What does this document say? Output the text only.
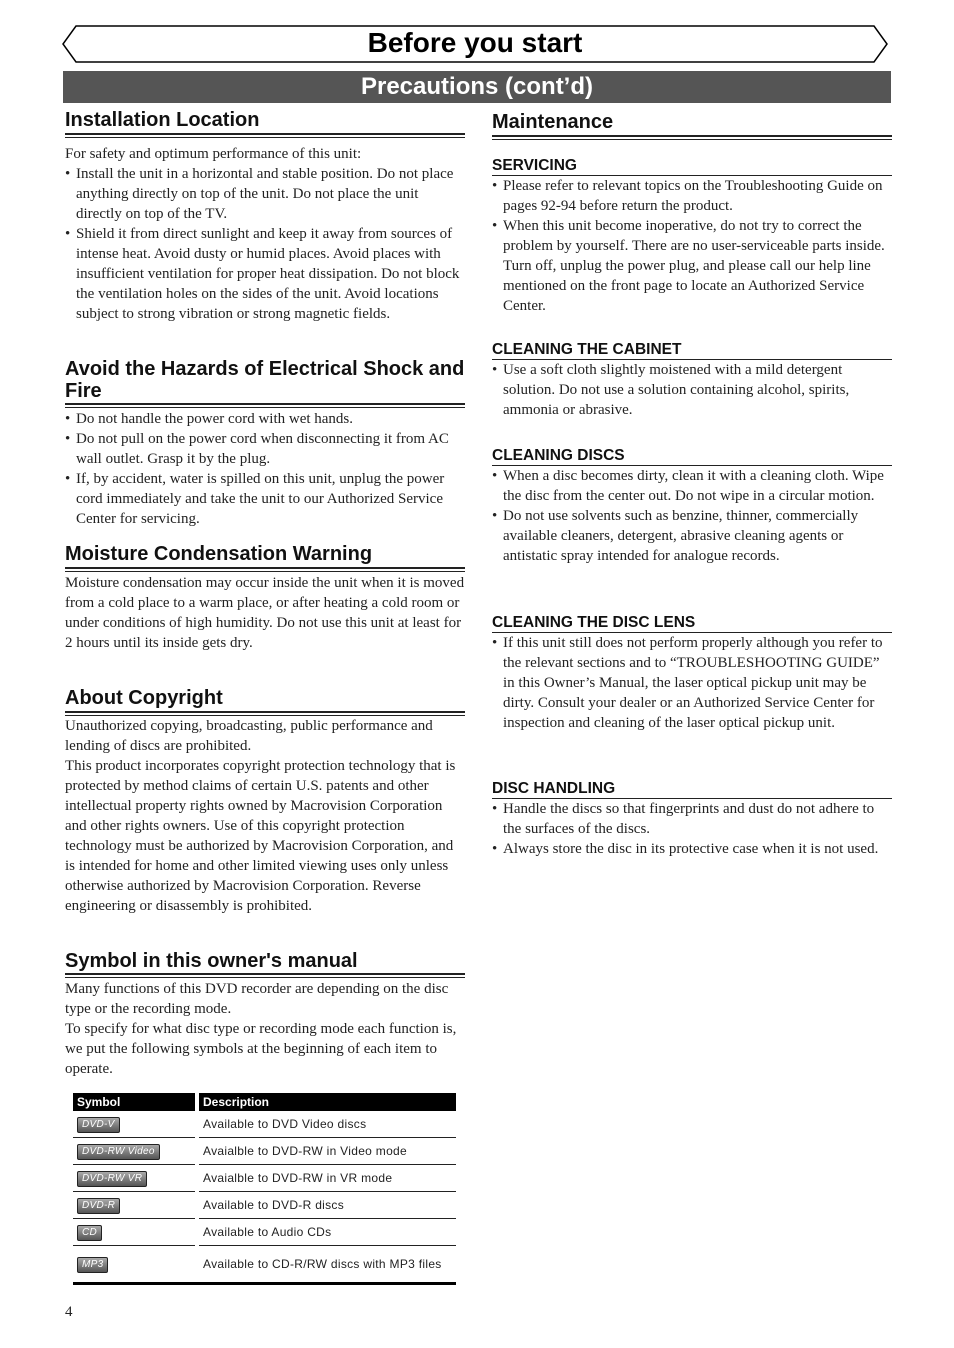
Before you start
Precautions (cont’d)
Installation Location

For safety and optimum performance of this unit:

• Install the unit in a horizontal and stable position. Do not place anything directly on top of the unit. Do not place the unit directly on top of the TV.
• Shield it from direct sunlight and keep it away from sources of intense heat. Avoid dusty or humid places. Avoid places with insufficient ventilation for proper heat dissipation. Do not block the ventilation holes on the sides of the unit. Avoid locations subject to strong vibration or strong magnetic fields.
Avoid the Hazards of Electrical Shock and Fire
• Do not handle the power cord with wet hands.
• Do not pull on the power cord when disconnecting it from AC wall outlet. Grasp it by the plug.
• If, by accident, water is spilled on this unit, unplug the power cord immediately and take the unit to our Authorized Service Center for servicing.
Moisture Condensation Warning
Moisture condensation may occur inside the unit when it is moved from a cold place to a warm place, or after heating a cold room or under conditions of high humidity. Do not use this unit at least for 2 hours until its inside gets dry.
About Copyright

Unauthorized copying, broadcasting, public performance and lending of discs are prohibited.

This product incorporates copyright protection technology that is protected by method claims of certain U.S. patents and other intellectual property rights owned by Macrovision Corporation and other rights owners. Use of this copyright protection technology must be authorized by Macrovision Corporation, and is intended for home and other limited viewing uses only unless otherwise authorized by Macrovision Corporation. Reverse engineering or disassembly is prohibited.

Symbol in this owner's manual

Many functions of this DVD recorder are depending on the disc type or the recording mode.

To specify for what disc type or recording mode each function is, we put the following symbols at the beginning of each item to operate.

Symbol		Description
DVD-V		Available to DVD Video discs
DVD-RW Video		Avaialble to DVD-RW in Video mode
DVD-RW VR		Avaialble to DVD-RW in VR mode
DVD-R		Available to DVD-R discs
CD		Available to Audio CDs
MP3		Available to CD-R/RW discs with MP3 files
Maintenance
SERVICING
• Please refer to relevant topics on the Troubleshooting Guide on pages 92-94 before return the product.
• When this unit become inoperative, do not try to correct the problem by yourself. There are no user-serviceable parts inside. Turn off, unplug the power plug, and please call our help line mentioned on the front page to locate an Authorized Service Center.
CLEANING THE CABINET
• Use a soft cloth slightly moistened with a mild detergent solution. Do not use a solution containing alcohol, spirits, ammonia or abrasive.
CLEANING DISCS
• When a disc becomes dirty, clean it with a cleaning cloth. Wipe the disc from the center out. Do not wipe in a circular motion.
• Do not use solvents such as benzine, thinner, commercially available cleaners, detergent, abrasive cleaning agents or antistatic spray intended for analogue records.
CLEANING THE DISC LENS
• If this unit still does not perform properly although you refer to the relevant sections and to “TROUBLESHOOTING GUIDE” in this Owner’s Manual, the laser optical pickup unit may be dirty. Consult your dealer or an Authorized Service Center for inspection and cleaning of the laser optical pickup unit.
DISC HANDLING
• Handle the discs so that fingerprints and dust do not adhere to the surfaces of the discs.
• Always store the disc in its protective case when it is not used.
4
